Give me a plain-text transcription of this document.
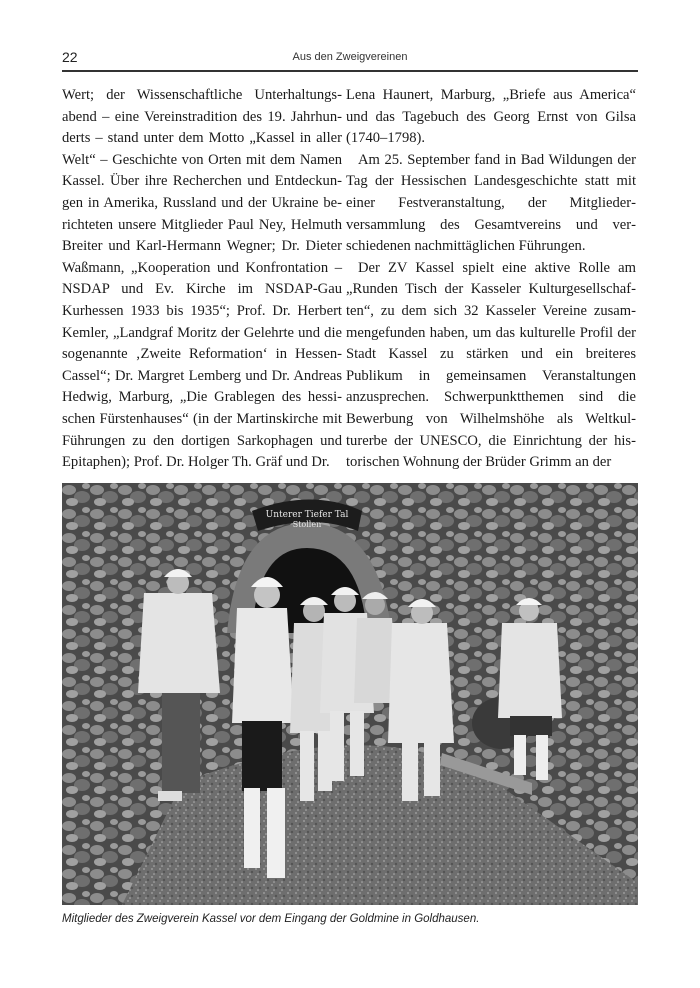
22	Aus den Zweigvereinen

Wert; der Wissenschaftliche Unterhaltungsabend – eine Vereinstradition des 19. Jahrhunderts – stand unter dem Motto „Kassel in aller Welt“ – Geschichte von Orten mit dem Namen Kassel. Über ihre Recherchen und Entdeckungen in Amerika, Russland und der Ukraine berichteten unsere Mitglieder Paul Ney, Helmuth Breiter und Karl-Hermann Wegner; Dr. Dieter Waßmann, „Kooperation und Konfrontation – NSDAP und Ev. Kirche im NSDAP-Gau Kurhessen 1933 bis 1935“; Prof. Dr. Herbert Kemler, „Landgraf Moritz der Gelehrte und die sogenannte ‚Zweite Reformation‘ in Hessen-Cassel“; Dr. Margret Lemberg und Dr. Andreas Hedwig, Marburg, „Die Grablegen des hessischen Fürstenhauses“ (in der Martinskirche mit Führungen zu den dortigen Sarkophagen und Epitaphen); Prof. Dr. Holger Th. Gräf und Dr.

Lena Haunert, Marburg, „Briefe aus America“ und das Tagebuch des Georg Ernst von Gilsa (1740–1798).

Am 25. September fand in Bad Wildungen der Tag der Hessischen Landesgeschichte statt mit einer Festveranstaltung, der Mitgliederversammlung des Gesamtvereins und verschiedenen nachmittäglichen Führungen.

Der ZV Kassel spielt eine aktive Rolle am „Runden Tisch der Kasseler Kulturgesellschaften“, zu dem sich 32 Kasseler Vereine zusammengefunden haben, um das kulturelle Profil der Stadt Kassel zu stärken und ein breiteres Publikum in gemeinsamen Veranstaltungen anzusprechen. Schwerpunktthemen sind die Bewerbung von Wilhelmshöhe als Weltkulturerbe der UNESCO, die Einrichtung der historischen Wohnung der Brüder Grimm an der

Unterer Tiefer Tal
Stollen
Mitglieder des Zweigverein Kassel vor dem Eingang der Goldmine in Goldhausen.
